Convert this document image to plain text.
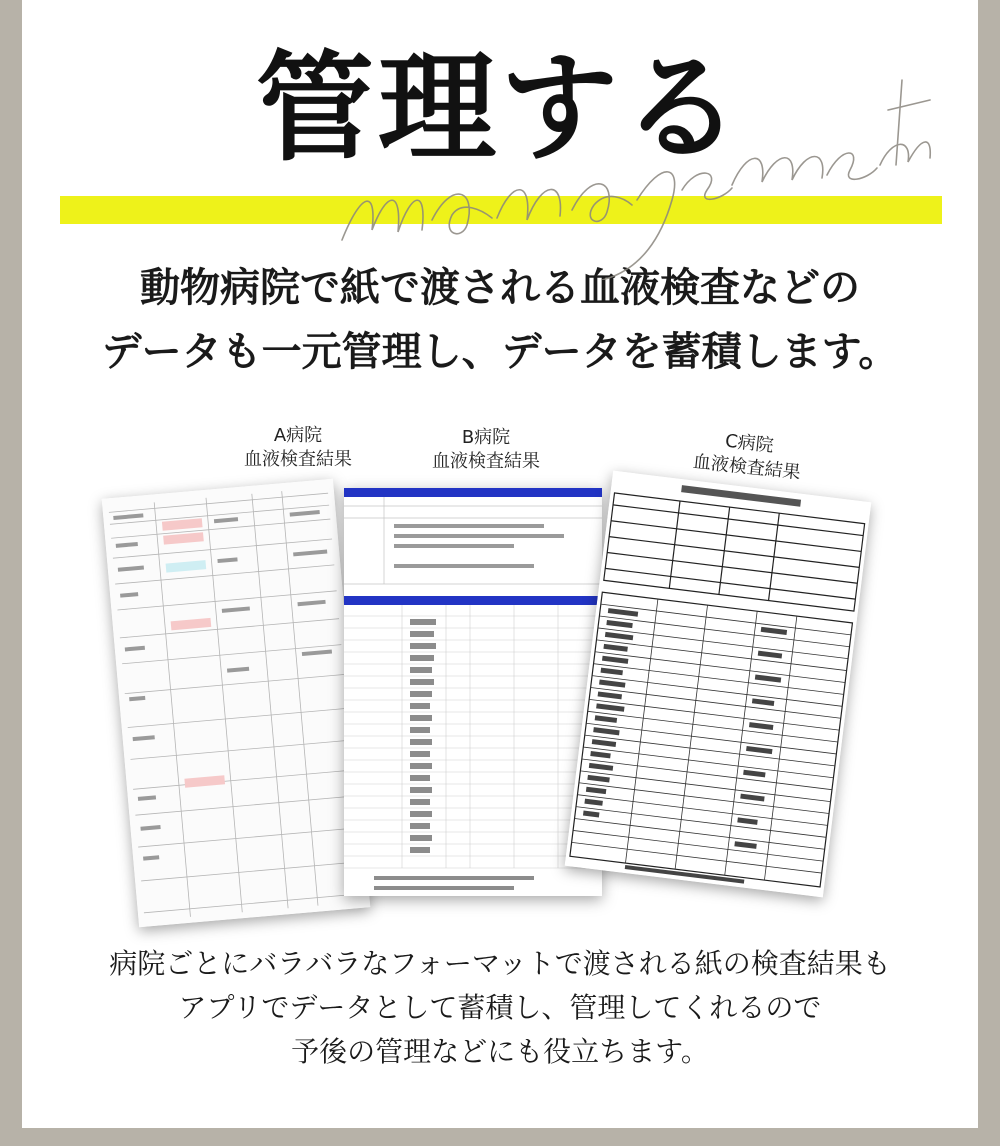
管理する
動物病院で紙で渡される血液検査などの
データも一元管理し、データを蓄積します。
A病院
血液検査結果
B病院
血液検査結果
C病院
血液検査結果
病院ごとにバラバラなフォーマットで渡される紙の検査結果も
アプリでデータとして蓄積し、管理してくれるので
予後の管理などにも役立ちます。
